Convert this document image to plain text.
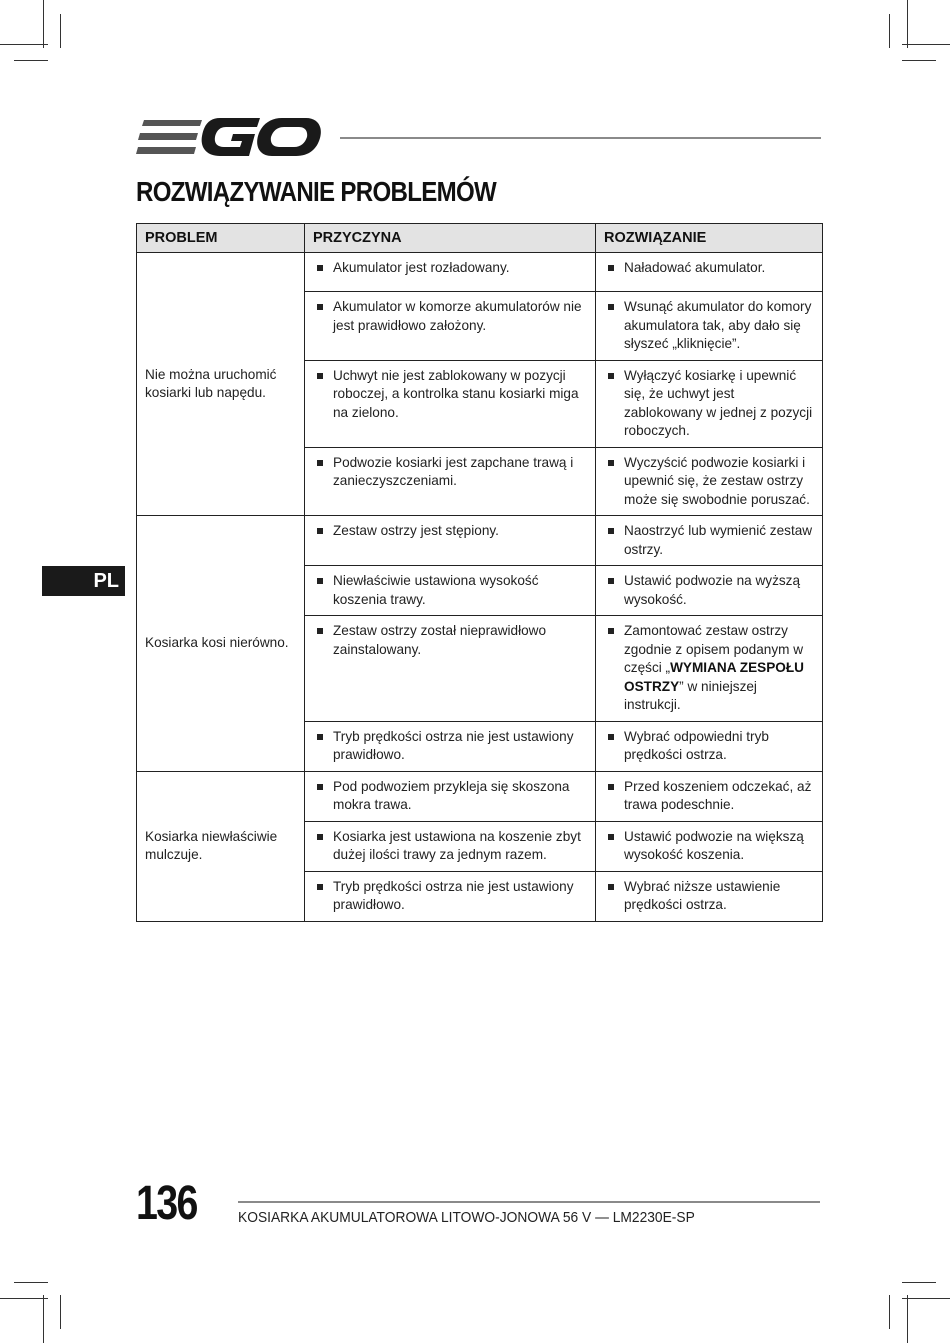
ROZWIĄZYWANIE PROBLEMÓW
PL
PROBLEM	PRZYCZYNA	ROZWIĄZANIE
Nie można uruchomić kosiarki lub napędu.	Akumulator jest rozładowany.	Naładować akumulator.

	Akumulator w komorze akumulatorów nie jest prawidłowo założony.	Wsunąć akumulator do komory akumulatora tak, aby dało się słyszeć „kliknięcie”.

	Uchwyt nie jest zablokowany w pozycji roboczej, a kontrolka stanu kosiarki miga na zielono.	Wyłączyć kosiarkę i upewnić się, że uchwyt jest zablokowany w jednej z pozycji roboczych.

	Podwozie kosiarki jest zapchane trawą i zanieczyszczeniami.	Wyczyścić podwozie kosiarki i upewnić się, że zestaw ostrzy może się swobodnie poruszać.

Kosiarka kosi nierówno.	Zestaw ostrzy jest stępiony.	Naostrzyć lub wymienić zestaw ostrzy.

	Niewłaściwie ustawiona wysokość koszenia trawy.	Ustawić podwozie na wyższą wysokość.

	Zestaw ostrzy został nieprawidłowo zainstalowany.	Zamontować zestaw ostrzy zgodnie z opisem podanym w części „WYMIANA ZESPOŁU OSTRZY” w niniejszej instrukcji.

	Tryb prędkości ostrza nie jest ustawiony prawidłowo.	Wybrać odpowiedni tryb prędkości ostrza.

Kosiarka niewłaściwie mulczuje.	Pod podwoziem przykleja się skoszona mokra trawa.	Przed koszeniem odczekać, aż trawa podeschnie.

	Kosiarka jest ustawiona na koszenie zbyt dużej ilości trawy za jednym razem.	Ustawić podwozie na większą wysokość koszenia.

	Tryb prędkości ostrza nie jest ustawiony prawidłowo.	Wybrać niższe ustawienie prędkości ostrza.
136	KOSIARKA AKUMULATOROWA LITOWO-JONOWA 56 V — LM2230E-SP
